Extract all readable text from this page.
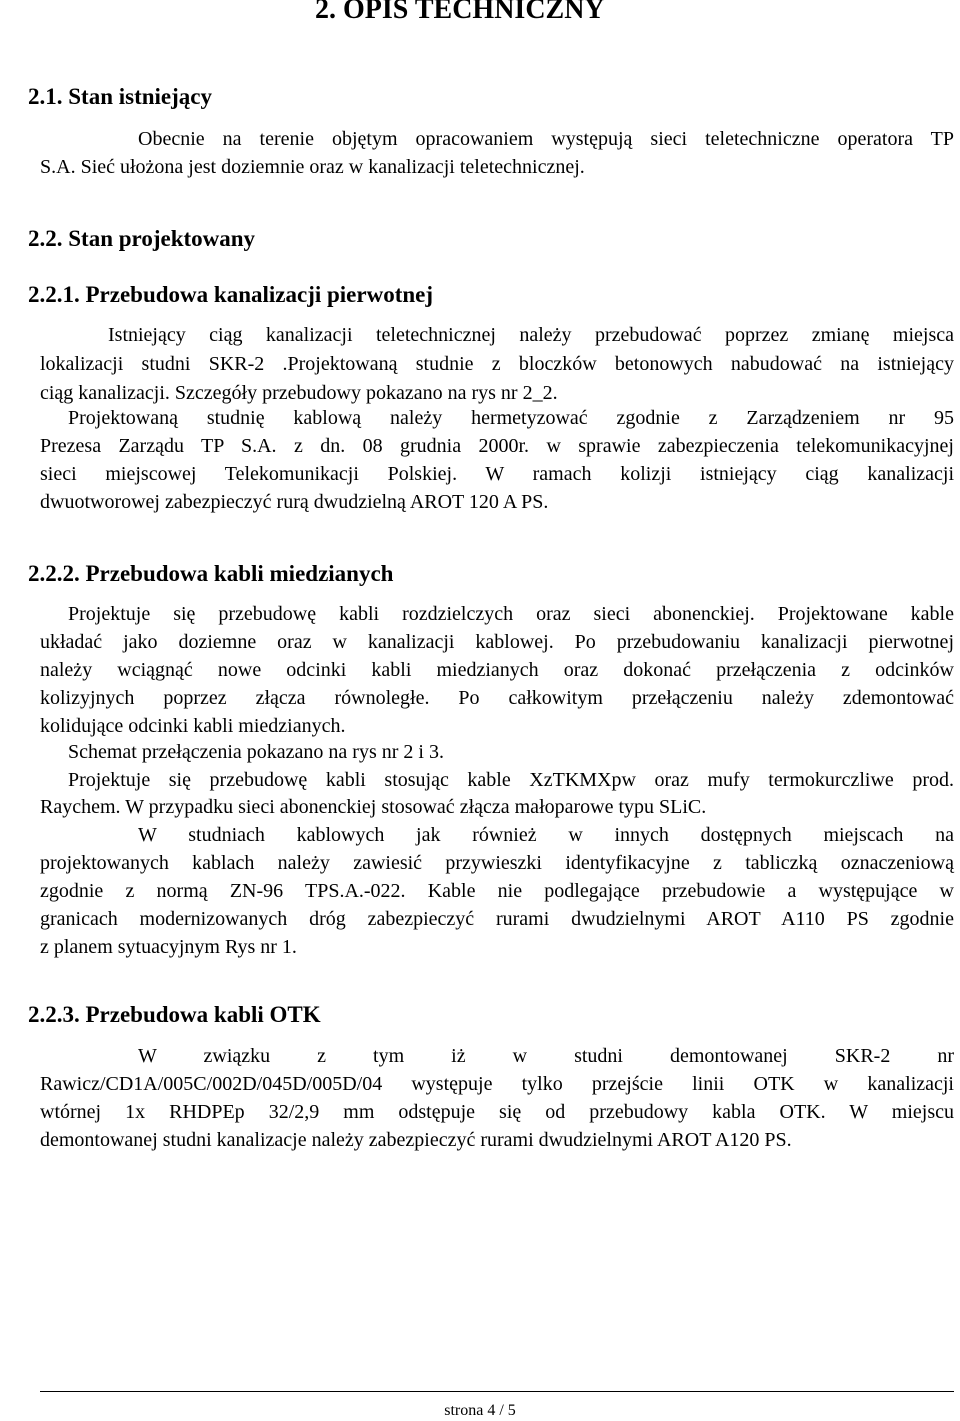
2. OPIS TECHNICZNY
2.1. Stan istniejący
Obecnie na terenie objętym opracowaniem występują sieci teletechniczne operatora TP
S.A. Sieć ułożona jest doziemnie oraz w kanalizacji teletechnicznej.
2.2. Stan projektowany
2.2.1. Przebudowa kanalizacji pierwotnej
Istniejący ciąg kanalizacji teletechnicznej należy przebudować poprzez zmianę miejsca
lokalizacji studni SKR-2 .Projektowaną studnie z bloczków betonowych nabudować na istniejący
ciąg kanalizacji. Szczegóły przebudowy pokazano na rys nr 2_2.
Projektowaną studnię kablową należy hermetyzować zgodnie z Zarządzeniem nr 95
Prezesa Zarządu TP S.A. z dn. 08 grudnia 2000r. w sprawie zabezpieczenia telekomunikacyjnej
sieci miejscowej Telekomunikacji Polskiej. W ramach kolizji istniejący ciąg kanalizacji
dwuotworowej zabezpieczyć rurą dwudzielną AROT 120 A PS.
2.2.2. Przebudowa kabli miedzianych
Projektuje się przebudowę kabli rozdzielczych oraz sieci abonenckiej. Projektowane kable
układać jako doziemne oraz w kanalizacji kablowej. Po przebudowaniu kanalizacji pierwotnej
należy wciągnąć nowe odcinki kabli miedzianych oraz dokonać przełączenia z odcinków
kolizyjnych poprzez złącza równoległe. Po całkowitym przełączeniu należy zdemontować
kolidujące odcinki kabli miedzianych.
Schemat przełączenia pokazano na rys nr 2 i 3.
Projektuje się przebudowę kabli stosując kable XzTKMXpw oraz mufy termokurczliwe prod.
Raychem. W przypadku sieci abonenckiej stosować złącza małoparowe typu SLiC.
W studniach kablowych jak również w innych dostępnych miejscach na
projektowanych kablach należy zawiesić przywieszki identyfikacyjne z tabliczką oznaczeniową
zgodnie z normą ZN-96 TPS.A.-022. Kable nie podlegające przebudowie a występujące w
granicach modernizowanych dróg zabezpieczyć rurami dwudzielnymi AROT A110 PS zgodnie
z planem sytuacyjnym Rys nr 1.
2.2.3. Przebudowa kabli OTK
W związku z tym iż w studni demontowanej SKR-2 nr
Rawicz/CD1A/005C/002D/045D/005D/04 występuje tylko przejście linii OTK w kanalizacji
wtórnej 1x RHDPEp 32/2,9 mm odstępuje się od przebudowy kabla OTK. W miejscu
demontowanej studni kanalizacje należy zabezpieczyć rurami dwudzielnymi AROT A120 PS.
strona 4 / 5
